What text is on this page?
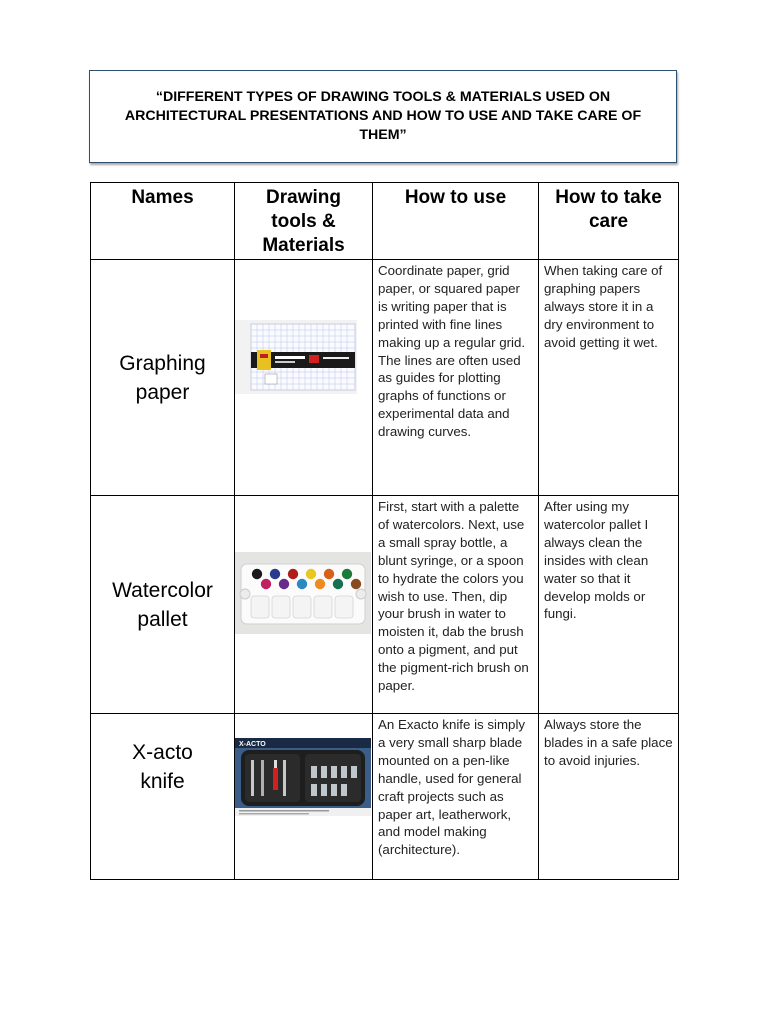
“DIFFERENT TYPES OF DRAWING TOOLS & MATERIALS USED ON ARCHITECTURAL PRESENTATIONS AND HOW TO USE AND TAKE CARE OF THEM”
Names	Drawing tools & Materials	How to use	How to take care

Graphing paper		Coordinate paper, grid paper, or squared paper is writing paper that is printed with fine lines making up a regular grid. The lines are often used as guides for plotting graphs of functions or experimental data and drawing curves.	When taking care of graphing papers always store it in a dry environment to avoid getting it wet.

Watercolor pallet		First, start with a palette of watercolors. Next, use a small spray bottle, a blunt syringe, or a spoon to hydrate the colors you wish to use. Then, dip your brush in water to moisten it, dab the brush onto a pigment, and put the pigment-rich brush on paper.	After using my watercolor pallet I always clean the insides with clean water so that it develop molds or fungi.

X-acto knife	X-ACTO	An Exacto knife is simply a very small sharp blade mounted on a pen-like handle, used for general craft projects such as paper art, leatherwork, and model making (architecture).	Always store the blades in a safe place to avoid injuries.
